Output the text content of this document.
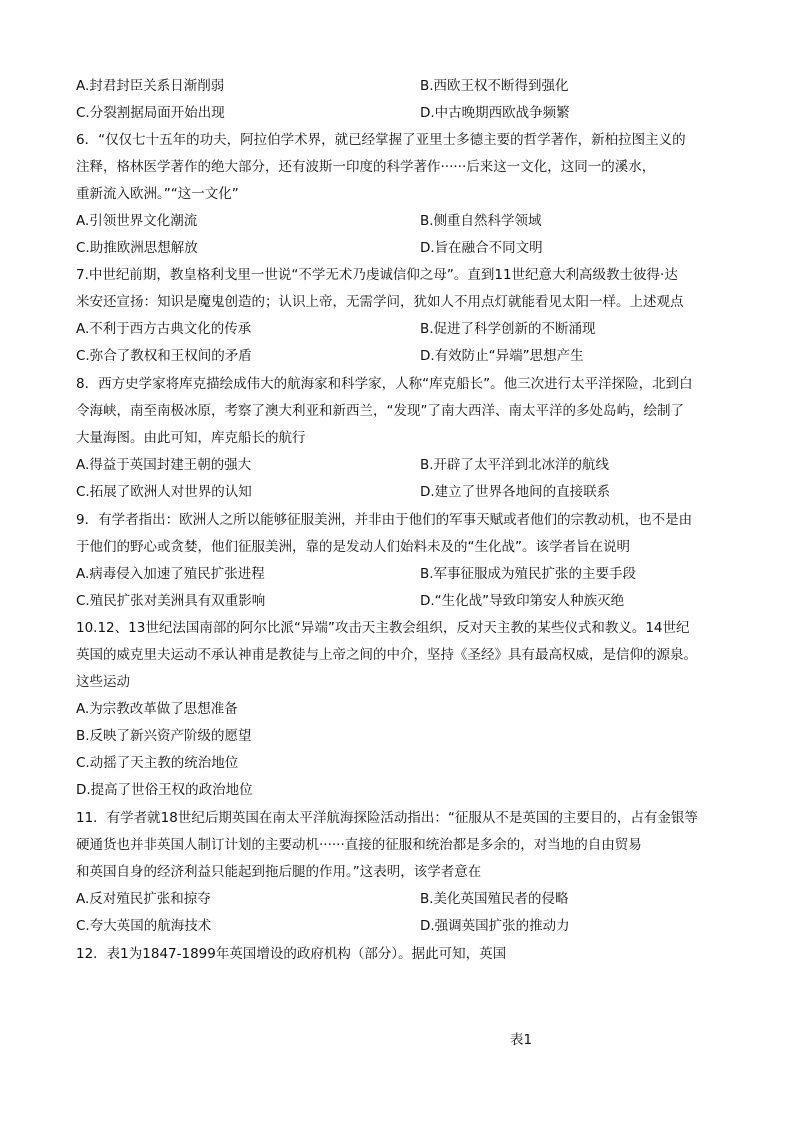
A.封君封臣关系日渐削弱	B.西欧王权不断得到强化
C.分裂割据局面开始出现	D.中古晚期西欧战争频繁
6．“仅仅七十五年的功夫，阿拉伯学术界，就已经掌握了亚里士多德主要的哲学著作，新柏拉图主义的
注释，格林医学著作的绝大部分，还有波斯一印度的科学著作······后来这一文化，这同一的溪水，
重新流入欧洲。”“这一文化”
A.引领世界文化潮流	B.侧重自然科学领域
C.助推欧洲思想解放	D.旨在融合不同文明
7.中世纪前期，教皇格利戈里一世说“不学无术乃虔诚信仰之母”。直到11世纪意大利高级教士彼得·达
米安还宣扬：知识是魔鬼创造的；认识上帝，无需学问，犹如人不用点灯就能看见太阳一样。上述观点
A.不利于西方古典文化的传承	B.促进了科学创新的不断涌现
C.弥合了教权和王权间的矛盾	D.有效防止“异端”思想产生
8．西方史学家将库克描绘成伟大的航海家和科学家，人称“库克船长”。他三次进行太平洋探险，北到白
令海峡，南至南极冰原，考察了澳大利亚和新西兰，“发现”了南大西洋、南太平洋的多处岛屿，绘制了
大量海图。由此可知，库克船长的航行
A.得益于英国封建王朝的强大	B.开辟了太平洋到北冰洋的航线
C.拓展了欧洲人对世界的认知	D.建立了世界各地间的直接联系
9．有学者指出：欧洲人之所以能够征服美洲，并非由于他们的军事天赋或者他们的宗教动机，也不是由
于他们的野心或贪婪，他们征服美洲，靠的是发动人们始料未及的“生化战”。该学者旨在说明
A.病毒侵入加速了殖民扩张进程	B.军事征服成为殖民扩张的主要手段
C.殖民扩张对美洲具有双重影响	D.“生化战”导致印第安人种族灭绝
10.12、13世纪法国南部的阿尔比派“异端”攻击天主教会组织，反对天主教的某些仪式和教义。14世纪
英国的威克里夫运动不承认神甫是教徒与上帝之间的中介，坚持《圣经》具有最高权威，是信仰的源泉。
这些运动
A.为宗教改革做了思想准备
B.反映了新兴资产阶级的愿望
C.动摇了天主教的统治地位
D.提高了世俗王权的政治地位
11．有学者就18世纪后期英国在南太平洋航海探险活动指出：“征服从不是英国的主要目的，占有金银等
硬通货也并非英国人制订计划的主要动机······直接的征服和统治都是多余的，对当地的自由贸易
和英国自身的经济利益只能起到拖后腿的作用。”这表明，该学者意在
A.反对殖民扩张和掠夺	B.美化英国殖民者的侵略
C.夸大英国的航海技术	D.强调英国扩张的推动力
12．表1为1847-1899年英国增设的政府机构（部分）。据此可知，英国
表1
